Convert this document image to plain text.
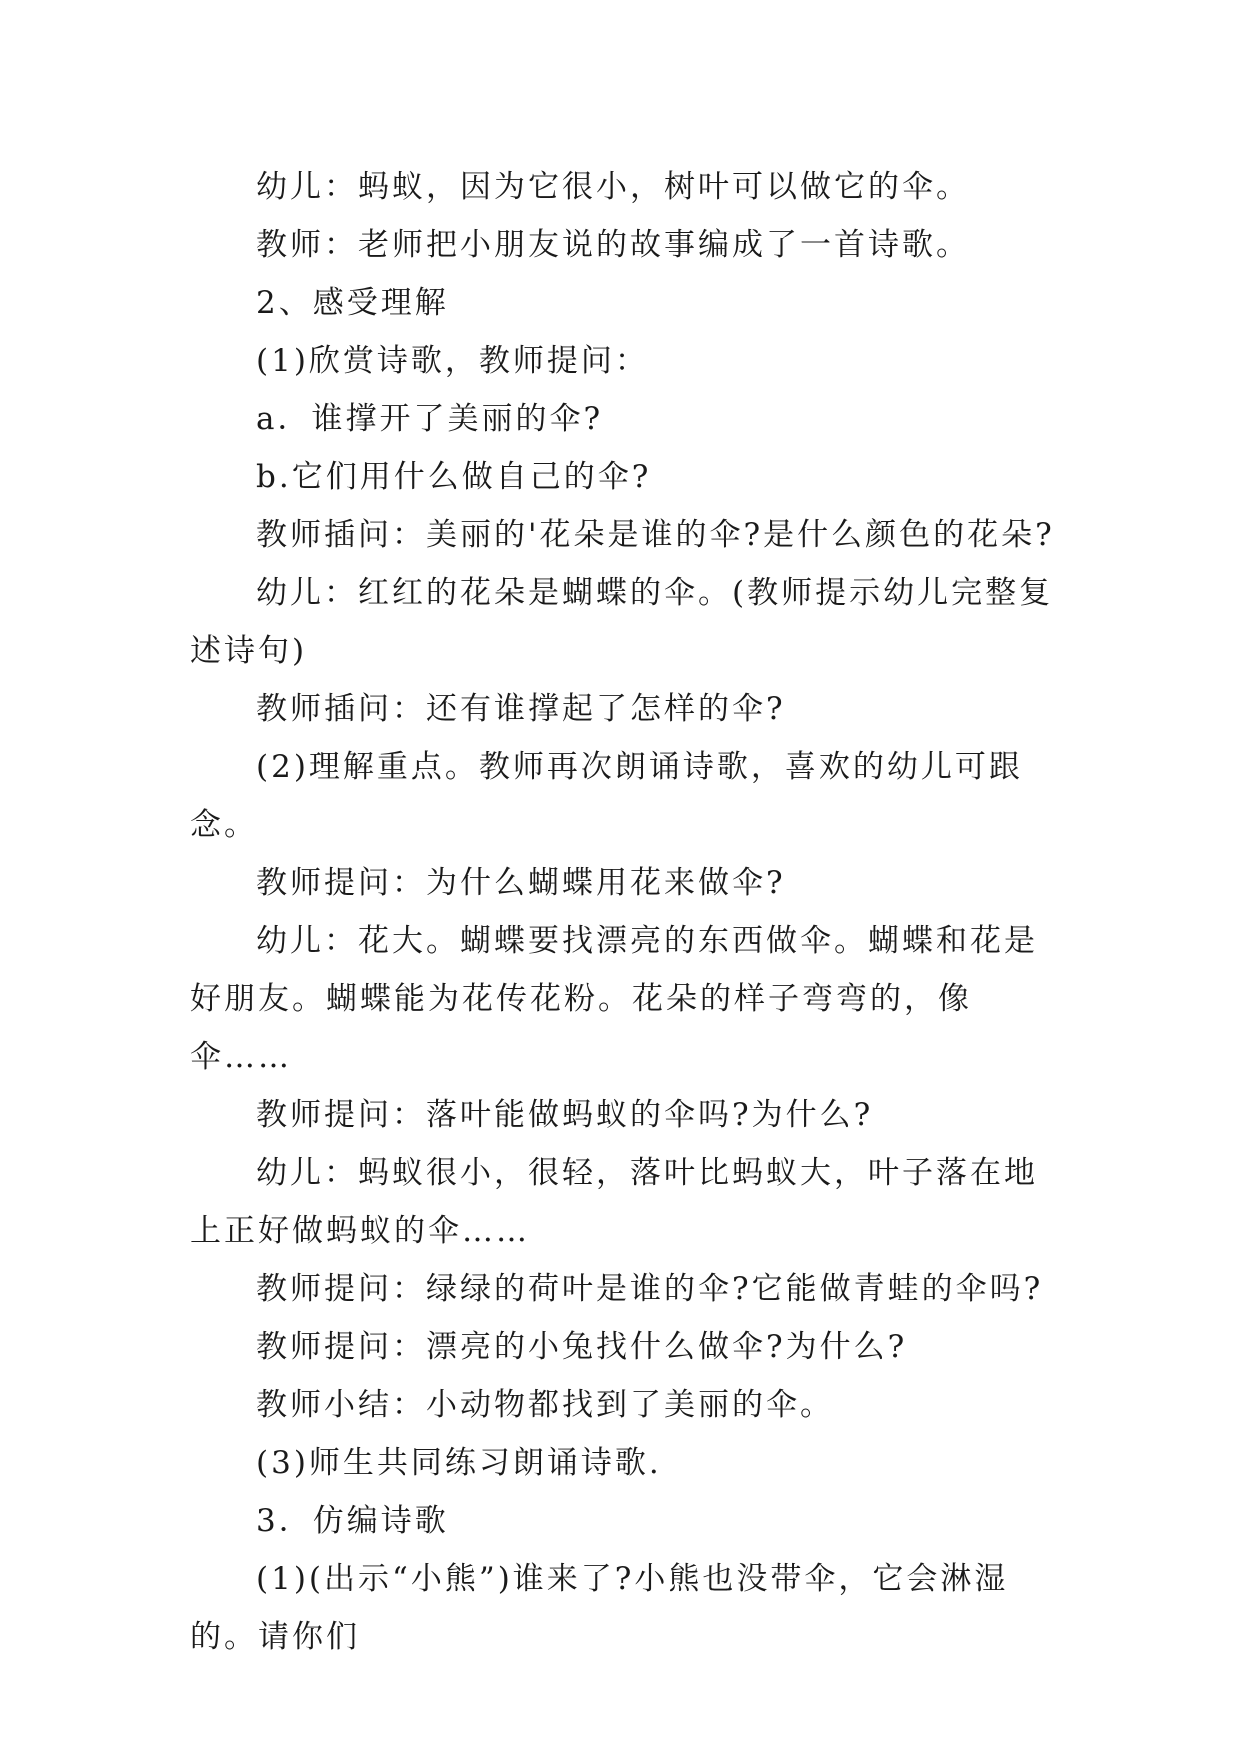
幼儿：蚂蚁，因为它很小，树叶可以做它的伞。

教师：老师把小朋友说的故事编成了一首诗歌。

2、感受理解

(1)欣赏诗歌，教师提问：

a．谁撑开了美丽的伞?

b.它们用什么做自己的伞?

教师插问：美丽的'花朵是谁的伞?是什么颜色的花朵?

幼儿：红红的花朵是蝴蝶的伞。(教师提示幼儿完整复述诗句)

教师插问：还有谁撑起了怎样的伞?

(2)理解重点。教师再次朗诵诗歌，喜欢的幼儿可跟念。

教师提问：为什么蝴蝶用花来做伞?

幼儿：花大。蝴蝶要找漂亮的东西做伞。蝴蝶和花是好朋友。蝴蝶能为花传花粉。花朵的样子弯弯的，像伞……

教师提问：落叶能做蚂蚁的伞吗?为什么?

幼儿：蚂蚁很小，很轻，落叶比蚂蚁大，叶子落在地上正好做蚂蚁的伞……

教师提问：绿绿的荷叶是谁的伞?它能做青蛙的伞吗?

教师提问：漂亮的小兔找什么做伞?为什么?

教师小结：小动物都找到了美丽的伞。

(3)师生共同练习朗诵诗歌.

3．仿编诗歌

(1)(出示“小熊”)谁来了?小熊也没带伞，它会淋湿的。请你们
